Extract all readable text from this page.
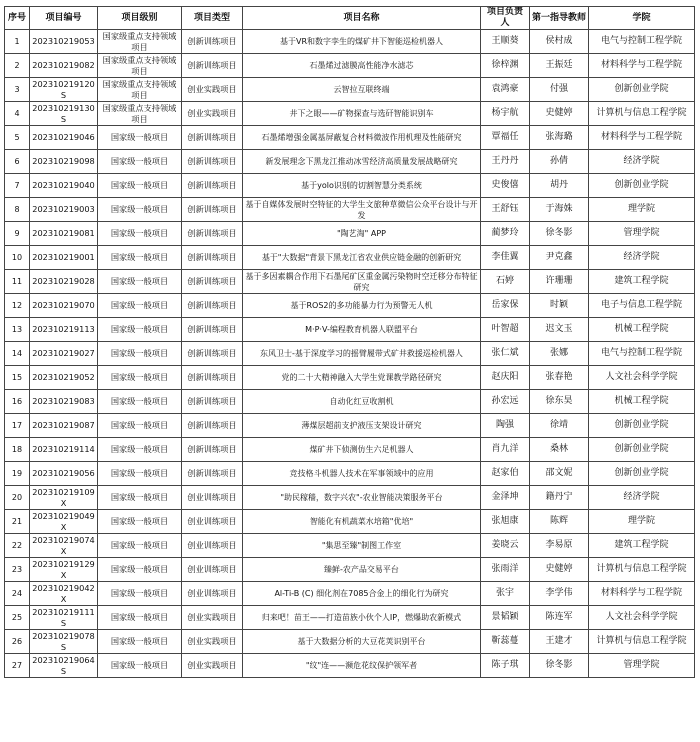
序号	项目编号	项目级别	项目类型	项目名称	项目负责人	第一指导教师	学院
1	202310219053	国家级重点支持领域项目	创新训练项目	基于VR和数字孪生的煤矿井下智能巡检机器人	王顺葵	侯村成	电气与控制工程学院
2	202310219082	国家级重点支持领域项目	创新训练项目	石墨烯过滤膜高性能净水滤芯	徐梓渊	王振廷	材料科学与工程学院
3	202310219120S	国家级重点支持领域项目	创业实践项目	云智拉互联终端	袁鸿豪	付强	创新创业学院
4	202310219130S	国家级重点支持领域项目	创业实践项目	井下之眼——矿物探查与选矸智能识别车	杨宇航	史健婷	计算机与信息工程学院
5	202310219046	国家级一般项目	创新训练项目	石墨烯增强金属基屏蔽复合材料微波作用机理及性能研究	覃福任	张海璐	材料科学与工程学院
6	202310219098	国家级一般项目	创新训练项目	新发展理念下黑龙江推动冰雪经济高质量发展战略研究	王丹丹	孙倩	经济学院
7	202310219040	国家级一般项目	创新训练项目	基于yolo识别的切割智慧分类系统	史俊僖	胡丹	创新创业学院
8	202310219003	国家级一般项目	创新训练项目	基于自媒体发展时空特征的大学生文旅种草微信公众平台设计与开发	王舒钰	于海姝	理学院
9	202310219081	国家级一般项目	创新训练项目	"陶艺淘" APP	蔺梦玲	徐冬影	管理学院
10	202310219001	国家级一般项目	创新训练项目	基于"大数据"背景下黑龙江省农业供应链金融的创新研究	李佳翼	尹克鑫	经济学院
11	202310219028	国家级一般项目	创新训练项目	基于多因素耦合作用下石墨尾矿区重金属污染物时空迁移分布特征研究	石婷	许珊珊	建筑工程学院
12	202310219070	国家级一般项目	创新训练项目	基于ROS2的多功能暴力行为预警无人机	岳家保	时颖	电子与信息工程学院
13	202310219113	国家级一般项目	创新训练项目	M·P·V-编程教育机器人联盟平台	叶智超	迟文玉	机械工程学院
14	202310219027	国家级一般项目	创新训练项目	东风卫士-基于深度学习的摇臂履带式矿井救援巡检机器人	张仁斌	张娜	电气与控制工程学院
15	202310219052	国家级一般项目	创新训练项目	党的二十大精神融入大学生党课教学路径研究	赵庆阳	张春艳	人文社会科学学院
16	202310219083	国家级一般项目	创新训练项目	自动化红豆收割机	孙宏远	徐东昊	机械工程学院
17	202310219087	国家级一般项目	创新训练项目	薄煤层超前支护液压支架设计研究	陶强	徐靖	创新创业学院
18	202310219114	国家级一般项目	创新训练项目	煤矿井下侦测仿生六足机器人	肖九洋	桑林	创新创业学院
19	202310219056	国家级一般项目	创新训练项目	竞技格斗机器人技术在军事领域中的应用	赵家伯	邵文妮	创新创业学院
20	202310219109X	国家级一般项目	创业训练项目	"助民稼穑，数字兴农"-农业智能决策服务平台	金泽坤	籍丹宁	经济学院
21	202310219049X	国家级一般项目	创业训练项目	智能化有机蔬菜水培箱"优培"	张旭康	陈辉	理学院
22	202310219074X	国家级一般项目	创业训练项目	"集思至臻"制图工作室	姜晓云	李易原	建筑工程学院
23	202310219129X	国家级一般项目	创业训练项目	臻鲜-农产品交易平台	张雨洋	史健婷	计算机与信息工程学院
24	202310219042X	国家级一般项目	创业训练项目	Al-Ti-B (C) 细化剂在7085合金上的细化行为研究	张宇	李学伟	材料科学与工程学院
25	202310219111S	国家级一般项目	创业实践项目	归来吧！苗王——打造苗族小伙个人IP，燃爆助农新模式	景韬颖	陈连军	人文社会科学学院
26	202310219078S	国家级一般项目	创业实践项目	基于大数据分析的大豆花荚识别平台	靳蕊蔓	王建才	计算机与信息工程学院
27	202310219064S	国家级一般项目	创业实践项目	"纹"连——濒危花纹保护领军者	陈子琪	徐冬影	管理学院
